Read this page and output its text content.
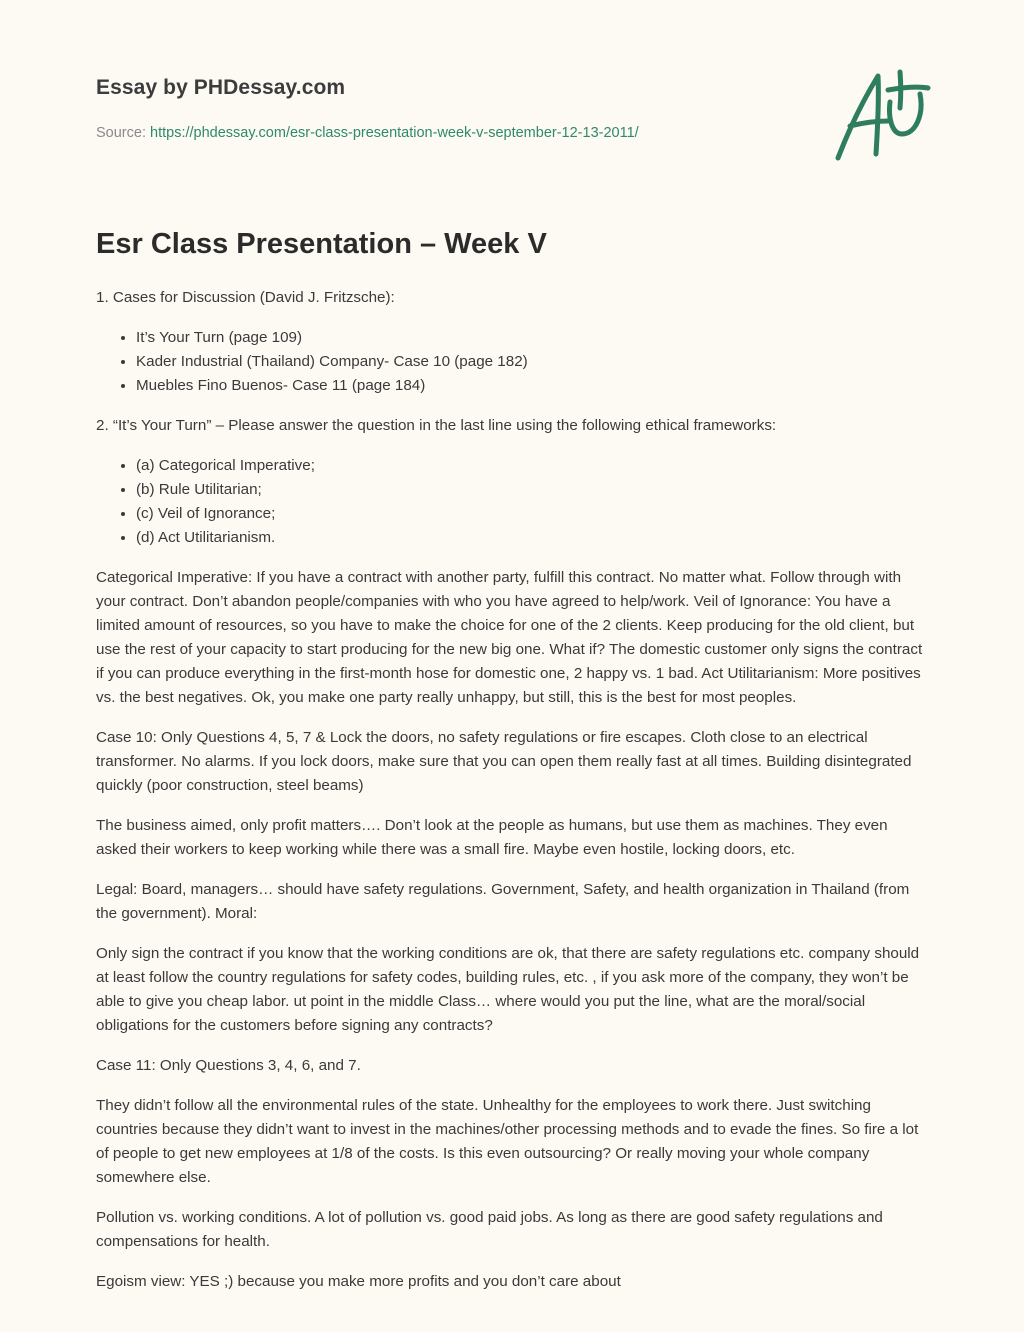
Essay by PHDessay.com
Source: https://phdessay.com/esr-class-presentation-week-v-september-12-13-2011/
Esr Class Presentation – Week V

1. Cases for Discussion (David J. Fritzsche):

• It’s Your Turn (page 109)
• Kader Industrial (Thailand) Company- Case 10 (page 182)
• Muebles Fino Buenos- Case 11 (page 184)

2. “It’s Your Turn” – Please answer the question in the last line using the following ethical frameworks:

• (a) Categorical Imperative;
• (b) Rule Utilitarian;
• (c) Veil of Ignorance;
• (d) Act Utilitarianism.

Categorical Imperative: If you have a contract with another party, fulfill this contract. No matter what. Follow through with your contract. Don’t abandon people/companies with who you have agreed to help/work. Veil of Ignorance: You have a limited amount of resources, so you have to make the choice for one of the 2 clients. Keep producing for the old client, but use the rest of your capacity to start producing for the new big one. What if? The domestic customer only signs the contract if you can produce everything in the first-month hose for domestic one, 2 happy vs. 1 bad. Act Utilitarianism: More positives vs. the best negatives. Ok, you make one party really unhappy, but still, this is the best for most peoples.

Case 10: Only Questions 4, 5, 7 & Lock the doors, no safety regulations or fire escapes. Cloth close to an electrical transformer. No alarms. If you lock doors, make sure that you can open them really fast at all times. Building disintegrated quickly (poor construction, steel beams)

The business aimed, only profit matters…. Don’t look at the people as humans, but use them as machines. They even asked their workers to keep working while there was a small fire. Maybe even hostile, locking doors, etc.

Legal: Board, managers… should have safety regulations. Government, Safety, and health organization in Thailand (from the government). Moral:

Only sign the contract if you know that the working conditions are ok, that there are safety regulations etc. company should at least follow the country regulations for safety codes, building rules, etc. , if you ask more of the company, they won’t be able to give you cheap labor. ut point in the middle Class… where would you put the line, what are the moral/social obligations for the customers before signing any contracts?

Case 11: Only Questions 3, 4, 6, and 7.

They didn’t follow all the environmental rules of the state. Unhealthy for the employees to work there. Just switching countries because they didn’t want to invest in the machines/other processing methods and to evade the fines. So fire a lot of people to get new employees at 1/8 of the costs. Is this even outsourcing? Or really moving your whole company somewhere else.

Pollution vs. working conditions. A lot of pollution vs. good paid jobs. As long as there are good safety regulations and compensations for health.

Egoism view: YES ;) because you make more profits and you don’t care about
